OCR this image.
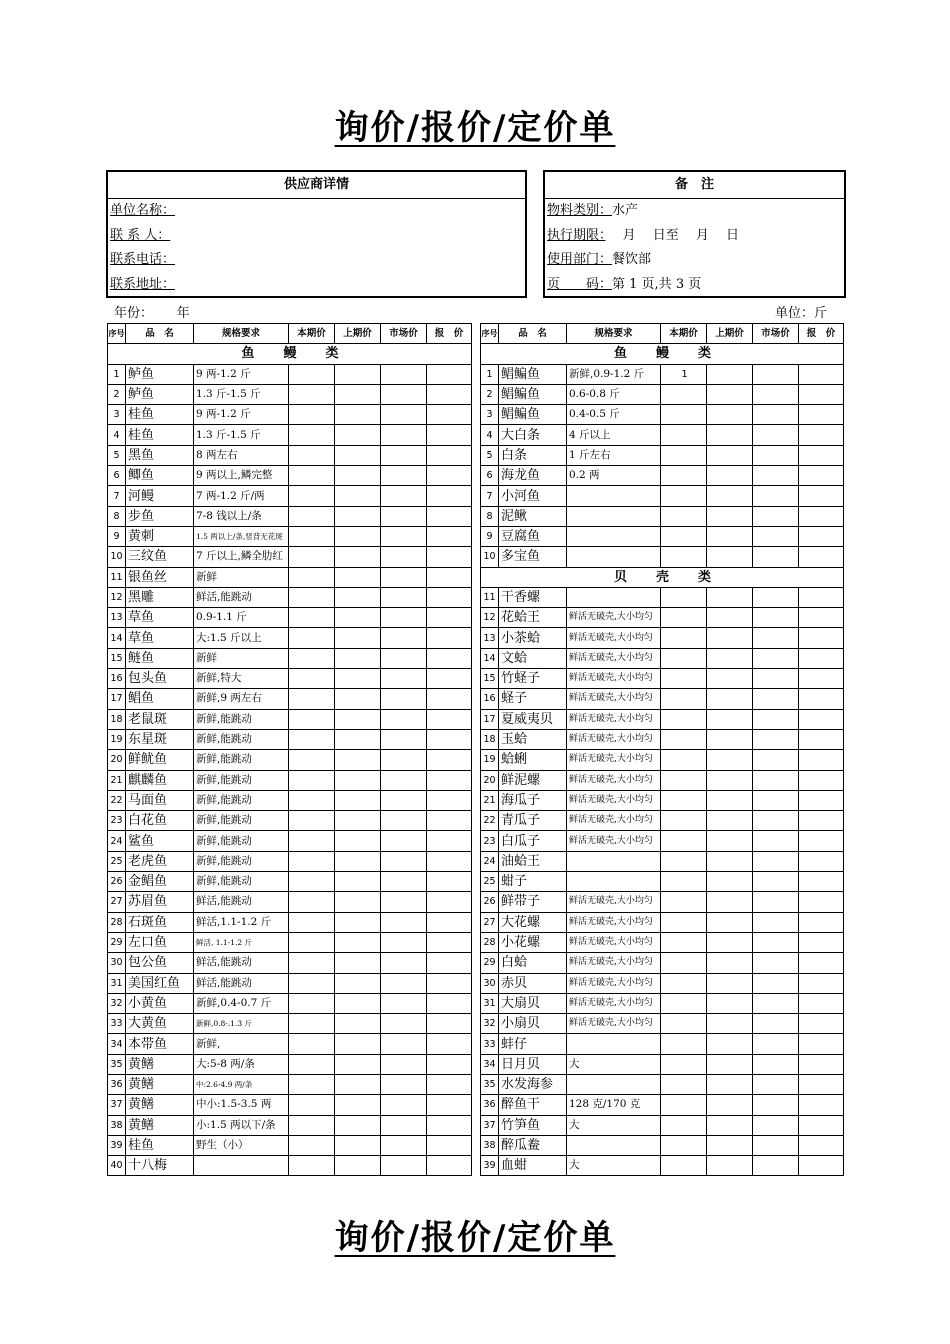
询价/报价/定价单
供应商详情
单位名称：
联 系 人：
联系电话：
联系地址：
备　注
物料类别：水产
执行期限：　 月　 日至　 月　 日
使用部门：餐饮部
页　　码：第 1 页,共 3 页
年份：　　 年	单位：斤
序号	品　名	规格要求	本期价	上期价	市场价	报　价
鱼　　鳗　　类						
1	鲈鱼	9 两-1.2 斤				
2	鲈鱼	1.3 斤-1.5 斤				
3	桂鱼	9 两-1.2 斤				
4	桂鱼	1.3 斤-1.5 斤				
5	黑鱼	8 两左右				
6	鲫鱼	9 两以上,鳞完整				
7	河鳗	7 两-1.2 斤/两				
8	步鱼	7-8 钱以上/条				
9	黄刺	1.5 两以上/条,竖背无花斑				
10	三纹鱼	7 斤以上,鳞全肋红				
11	银鱼丝	新鲜				
12	黑雕	鲜活,能跳动				
13	草鱼	0.9-1.1 斤				
14	草鱼	大:1.5 斤以上				
15	鲢鱼	新鲜				
16	包头鱼	新鲜,特大				
17	鲳鱼	新鲜,9 两左右				
18	老鼠斑	新鲜,能跳动				
19	东星斑	新鲜,能跳动				
20	鲜鱿鱼	新鲜,能跳动				
21	麒麟鱼	新鲜,能跳动				
22	马面鱼	新鲜,能跳动				
23	白花鱼	新鲜,能跳动				
24	鲨鱼	新鲜,能跳动				
25	老虎鱼	新鲜,能跳动				
26	金鲳鱼	新鲜,能跳动				
27	苏眉鱼	鲜活,能跳动				
28	石斑鱼	鲜活,1.1-1.2 斤				
29	左口鱼	鲜活, 1.1-1.2 斤				
30	包公鱼	鲜活,能跳动				
31	美国红鱼	鲜活,能跳动				
32	小黄鱼	新鲜,0.4-0.7 斤				
33	大黄鱼	新鲜,0.8-.1.3 斤				
34	本带鱼	新鲜,				
35	黄鳝	大:5-8 两/条				
36	黄鳝	中:2.6-4.9 两/条				
37	黄鳝	中小:1.5-3.5 两				
38	黄鳝	小:1.5 两以下/条				
39	桂鱼	野生（小）				
40	十八梅					
序号	品　名	规格要求	本期价	上期价	市场价	报　价
鱼　　鳗　　类						
1	鲳鳊鱼	新鲜,0.9-1.2 斤	1			
2	鲳鳊鱼	0.6-0.8 斤				
3	鲳鳊鱼	0.4-0.5 斤				
4	大白条	4 斤以上				
5	白条	1 斤左右				
6	海龙鱼	0.2 两				
7	小河鱼					
8	泥鳅					
9	豆腐鱼					
10	多宝鱼					
贝　　壳　　类						
11	干香螺					
12	花蛤王	鲜活无破壳,大小均匀				
13	小茶蛤	鲜活无破壳,大小均匀				
14	文蛤	鲜活无破壳,大小均匀				
15	竹蛏子	鲜活无破壳,大小均匀				
16	蛏子	鲜活无破壳,大小均匀				
17	夏威夷贝	鲜活无破壳,大小均匀				
18	玉蛤	鲜活无破壳,大小均匀				
19	蛤蜊	鲜活无破壳,大小均匀				
20	鲜泥螺	鲜活无破壳,大小均匀				
21	海瓜子	鲜活无破壳,大小均匀				
22	青瓜子	鲜活无破壳,大小均匀				
23	白瓜子	鲜活无破壳,大小均匀				
24	油蛤王					
25	蚶子					
26	鲜带子	鲜活无破壳,大小均匀				
27	大花螺	鲜活无破壳,大小均匀				
28	小花螺	鲜活无破壳,大小均匀				
29	白蛤	鲜活无破壳,大小均匀				
30	赤贝	鲜活无破壳,大小均匀				
31	大扇贝	鲜活无破壳,大小均匀				
32	小扇贝	鲜活无破壳,大小均匀				
33	蚌仔					
34	日月贝	大				
35	水发海参					
36	醉鱼干	128 克/170 克				
37	竹笋鱼	大				
38	醉瓜鲞					
39	血蚶	大				
询价/报价/定价单
